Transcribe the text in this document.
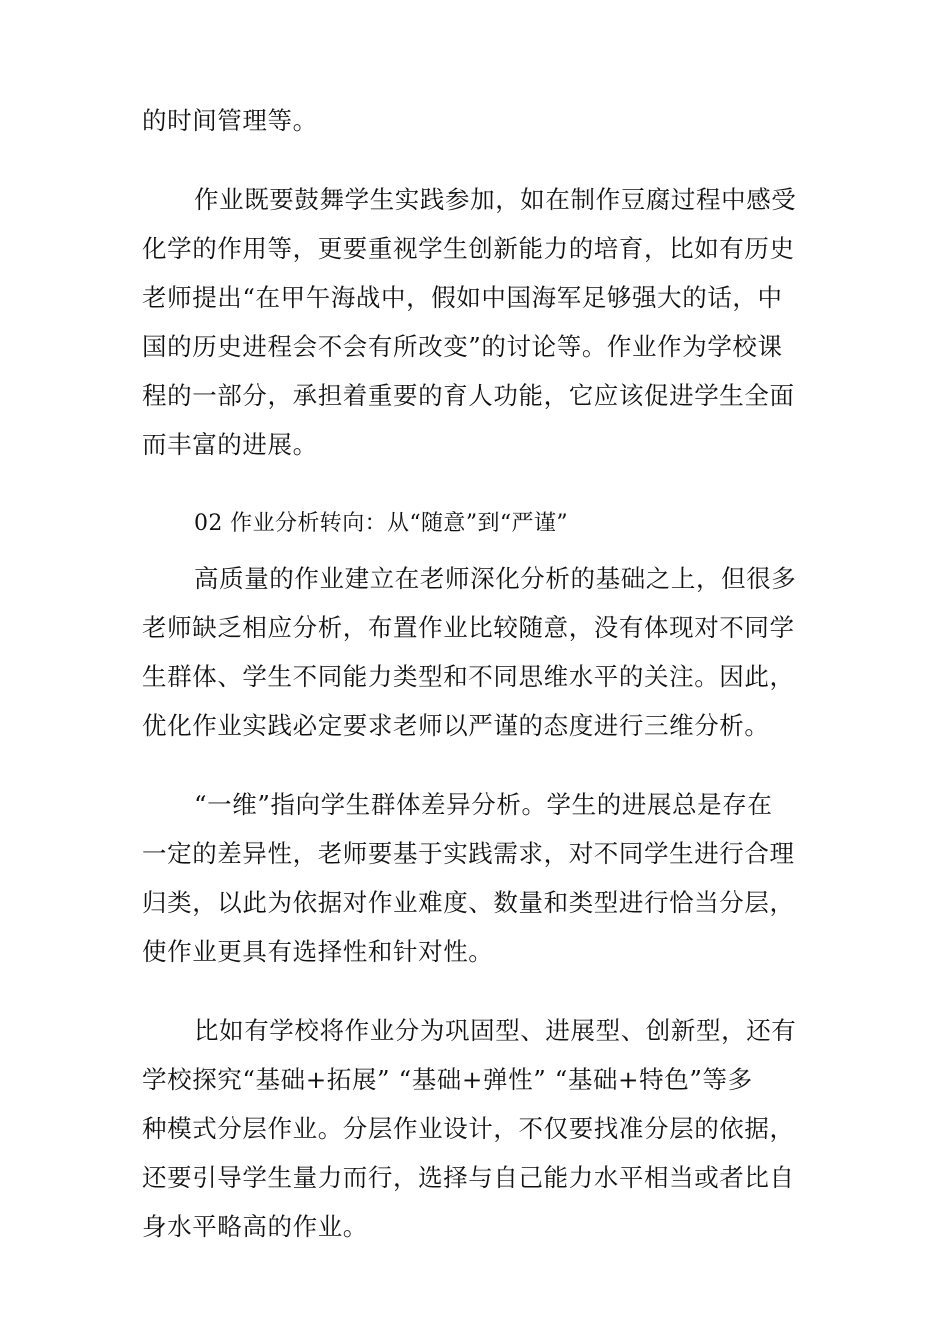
的时间管理等。

作业既要鼓舞学生实践参加，如在制作豆腐过程中感受
化学的作用等，更要重视学生创新能力的培育，比如有历史
老师提出“在甲午海战中，假如中国海军足够强大的话，中
国的历史进程会不会有所改变”的讨论等。作业作为学校课
程的一部分，承担着重要的育人功能，它应该促进学生全面
而丰富的进展。

02 作业分析转向：从“随意”到“严谨”

高质量的作业建立在老师深化分析的基础之上，但很多
老师缺乏相应分析，布置作业比较随意，没有体现对不同学
生群体、学生不同能力类型和不同思维水平的关注。因此，
优化作业实践必定要求老师以严谨的态度进行三维分析。

“一维”指向学生群体差异分析。学生的进展总是存在
一定的差异性，老师要基于实践需求，对不同学生进行合理
归类，以此为依据对作业难度、数量和类型进行恰当分层，
使作业更具有选择性和针对性。

比如有学校将作业分为巩固型、进展型、创新型，还有
学校探究“基础+拓展” “基础+弹性” “基础+特色”等多
种模式分层作业。分层作业设计，不仅要找准分层的依据，
还要引导学生量力而行，选择与自己能力水平相当或者比自
身水平略高的作业。
